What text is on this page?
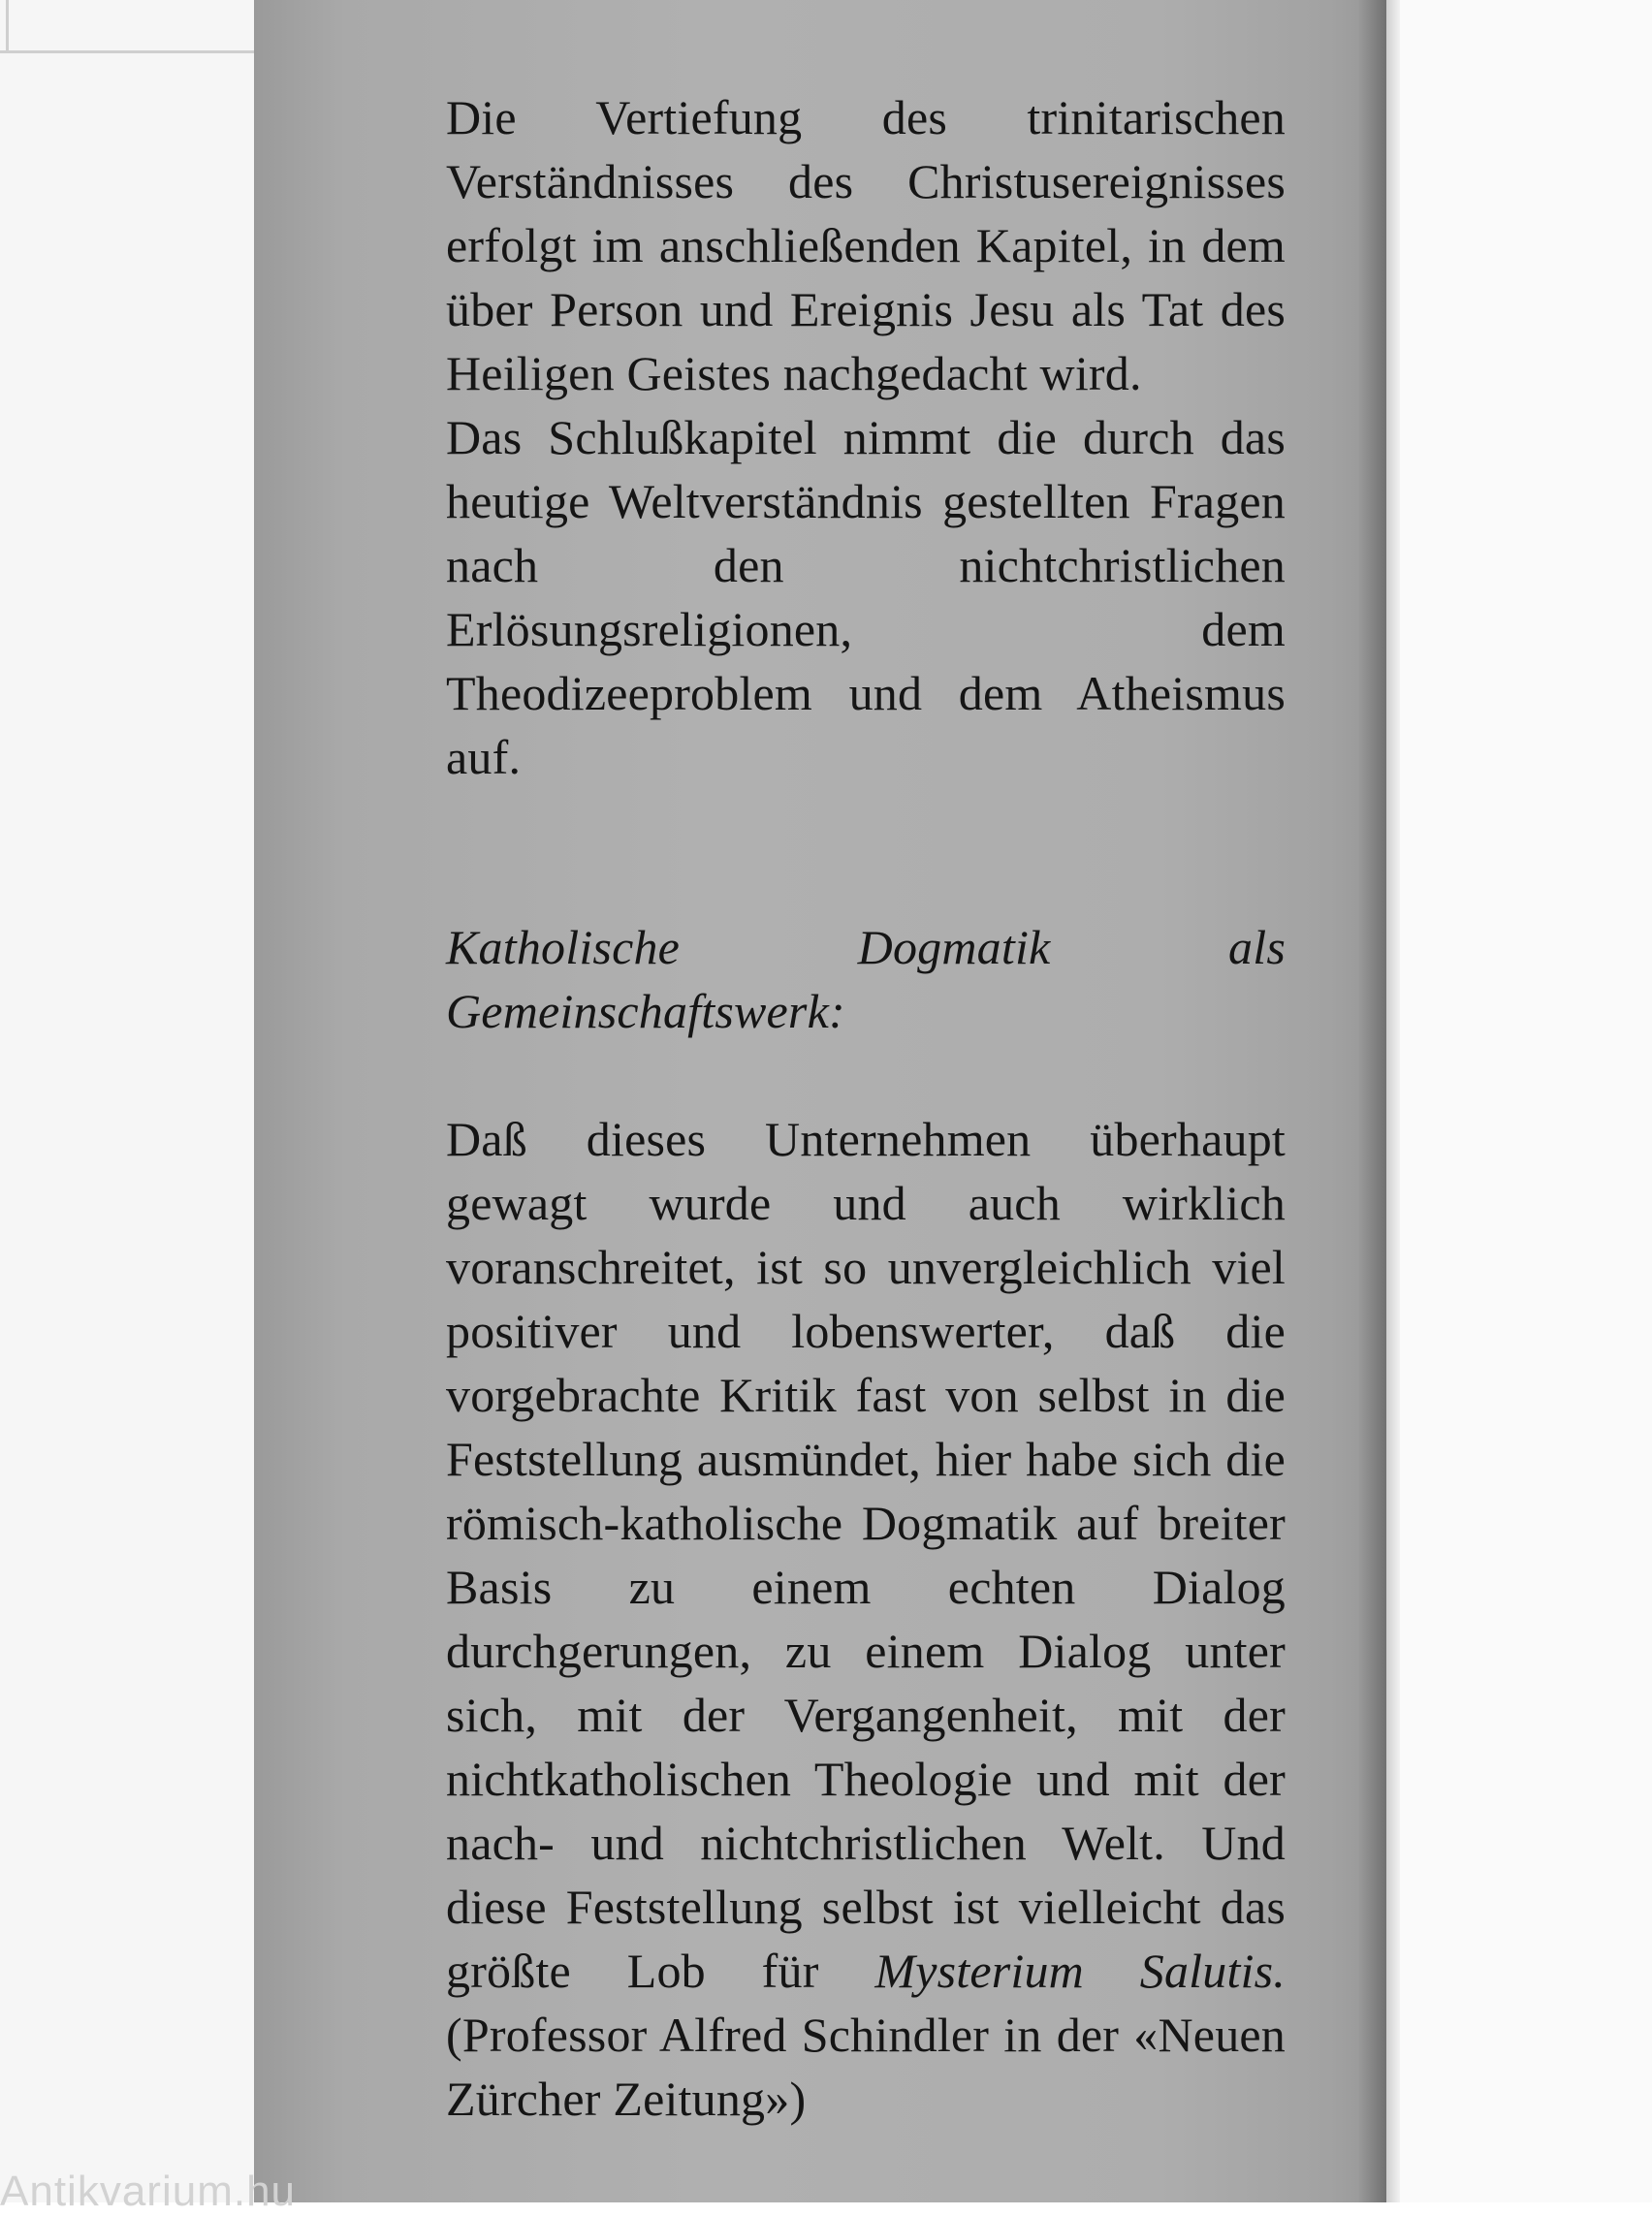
Die Vertiefung des trinitarischen Verständnisses des Christusereignisses erfolgt im anschließenden Kapitel, in dem über Person und Ereignis Jesu als Tat des Heiligen Geistes nachgedacht wird.

Das Schlußkapitel nimmt die durch das heutige Weltverständnis gestellten Fragen nach den nichtchristlichen Erlösungsreligionen, dem Theodizeeproblem und dem Atheismus auf.

Katholische Dogmatik als Gemeinschaftswerk:

Daß dieses Unternehmen überhaupt gewagt wurde und auch wirklich voranschreitet, ist so unvergleichlich viel positiver und lobenswerter, daß die vorgebrachte Kritik fast von selbst in die Feststellung ausmündet, hier habe sich die römisch-katholische Dogmatik auf breiter Basis zu einem echten Dialog durchgerungen, zu einem Dialog unter sich, mit der Vergangenheit, mit der nichtkatholischen Theologie und mit der nach- und nichtchristlichen Welt. Und diese Feststellung selbst ist vielleicht das größte Lob für Mysterium Salutis. (Professor Alfred Schindler in der «Neuen Zürcher Zeitung»)

Antikvarium.hu
